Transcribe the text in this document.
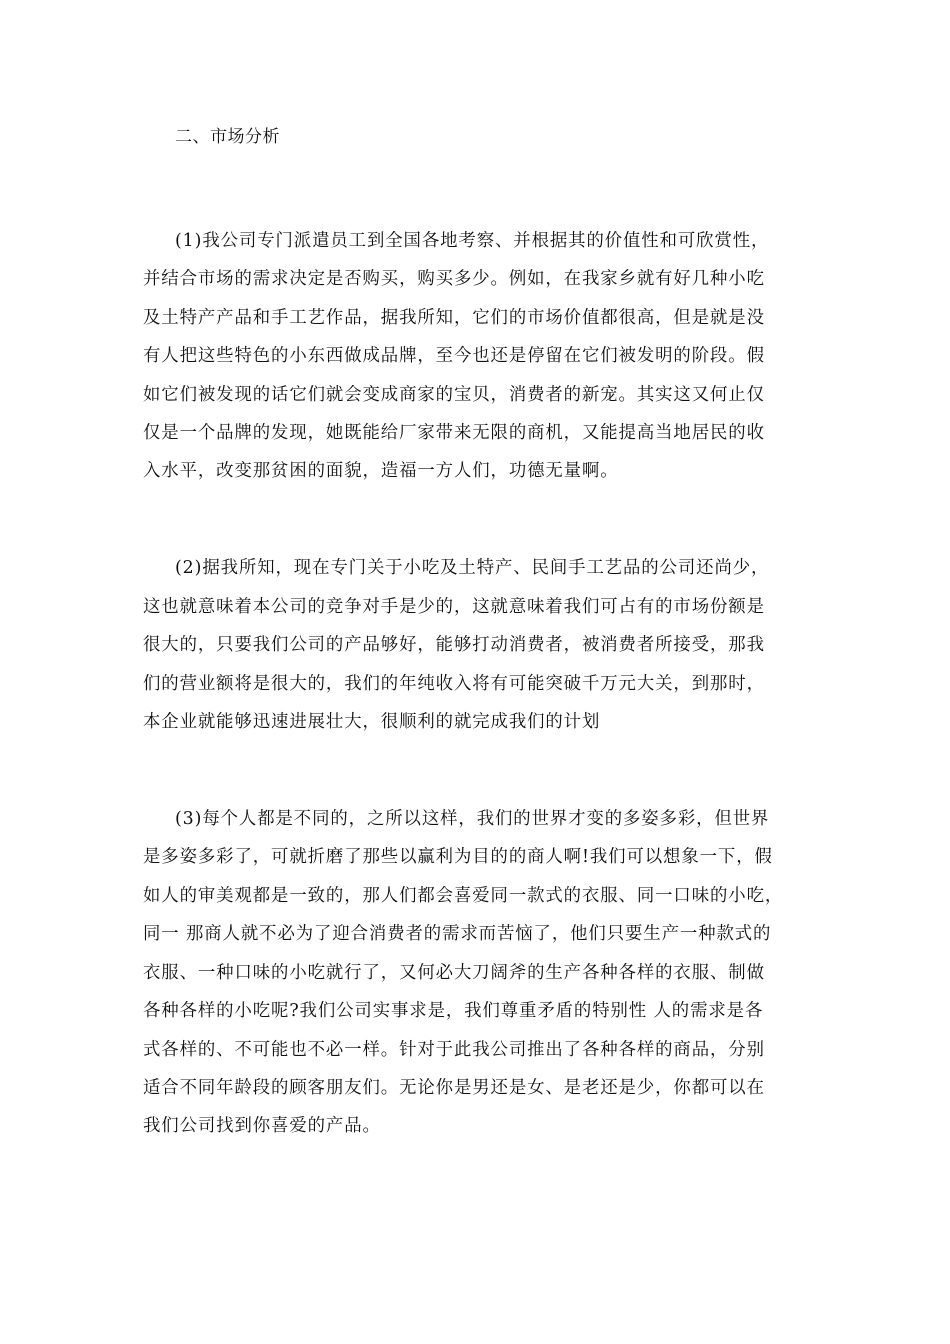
二、市场分析
(1)我公司专门派遣员工到全国各地考察、并根据其的价值性和可欣赏性，
并结合市场的需求决定是否购买，购买多少。例如，在我家乡就有好几种小吃
及土特产产品和手工艺作品，据我所知，它们的市场价值都很高，但是就是没
有人把这些特色的小东西做成品牌，至今也还是停留在它们被发明的阶段。假
如它们被发现的话它们就会变成商家的宝贝，消费者的新宠。其实这又何止仅
仅是一个品牌的发现，她既能给厂家带来无限的商机，又能提高当地居民的收
入水平，改变那贫困的面貌，造福一方人们，功德无量啊。
(2)据我所知，现在专门关于小吃及土特产、民间手工艺品的公司还尚少，
这也就意味着本公司的竞争对手是少的，这就意味着我们可占有的市场份额是
很大的，只要我们公司的产品够好，能够打动消费者，被消费者所接受，那我
们的营业额将是很大的，我们的年纯收入将有可能突破千万元大关，到那时，
本企业就能够迅速进展壮大，很顺利的就完成我们的计划
(3)每个人都是不同的，之所以这样，我们的世界才变的多姿多彩，但世界
是多姿多彩了，可就折磨了那些以赢利为目的的商人啊!我们可以想象一下，假
如人的审美观都是一致的，那人们都会喜爱同一款式的衣服、同一口味的小吃，
同一 那商人就不必为了迎合消费者的需求而苦恼了，他们只要生产一种款式的
衣服、一种口味的小吃就行了，又何必大刀阔斧的生产各种各样的衣服、制做
各种各样的小吃呢?我们公司实事求是，我们尊重矛盾的特别性 人的需求是各
式各样的、不可能也不必一样。针对于此我公司推出了各种各样的商品，分别
适合不同年龄段的顾客朋友们。无论你是男还是女、是老还是少，你都可以在
我们公司找到你喜爱的产品。
